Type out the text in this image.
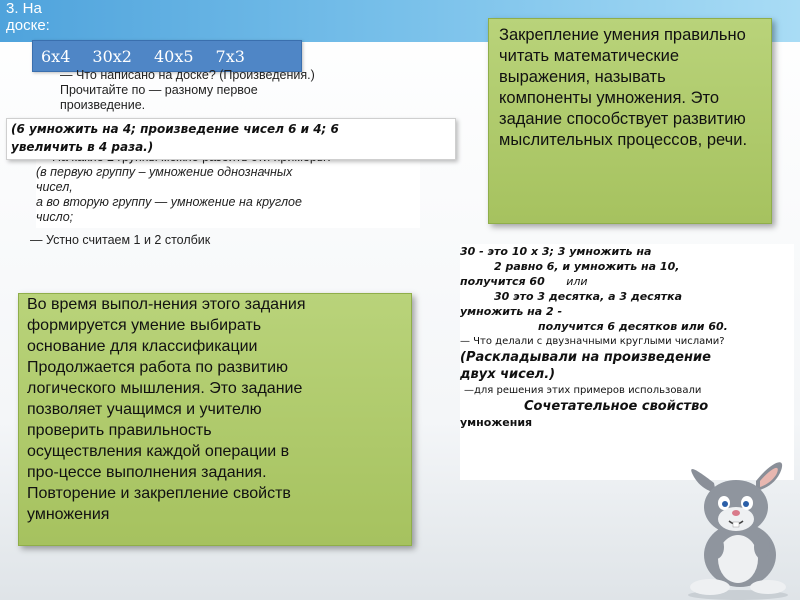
3. На доске:
6х4 30х2 40х5 7х3

— Что написано на доске? (Произведения.)

Прочитайте по — разному первое

произведение.

(в первую группу – умножение однозначных

чисел,

а во вторую группу — умножение на круглое

число;

(6 умножить на 4; произведение чисел 6 и 4; 6
увеличить в 4 раза.)
— Устно считаем 1 и 2 столбик
Закрепление умения правильно читать математические выражения, называть компоненты умножения. Это задание способствует развитию мыслительных процессов, речи.

Во время выпол-нения этого задания

формируется умение выбирать

основание для классификации

Продолжается работа по развитию

логического мышления. Это задание

позволяет учащимся и учителю

проверить правильность

осуществления каждой операции в

про-цессе выполнения задания.

Повторение и закрепление свойств

умножения

30 - это 10 х 3; 3 умножить на

2 равно 6, и умножить на 10,

получится 60 или

30 это 3 десятка, а 3 десятка

умножить на 2 -

получится 6 десятков или 60.

— Что делали с двузначными круглыми числами?

(Раскладывали на произведение

двух чисел.)

—для решения этих примеров использовали

Сочетательное свойство

умножения
